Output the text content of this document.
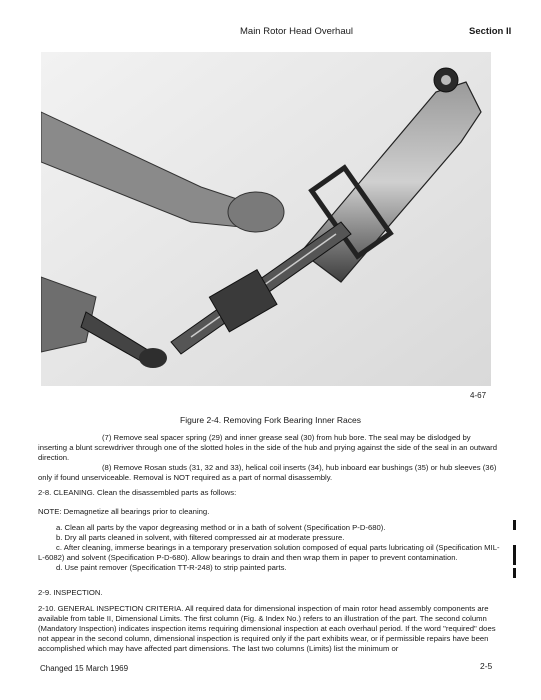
Main Rotor Head Overhaul	Section II
4-67
Figure 2-4. Removing Fork Bearing Inner Races

(7) Remove seal spacer spring (29) and inner grease seal (30) from hub bore. The seal may be dislodged by inserting a blunt screwdriver through one of the slotted holes in the side of the hub and prying against the side of the seal in an outward direction.

(8) Remove Rosan studs (31, 32 and 33), helical coil inserts (34), hub inboard ear bushings (35) or hub sleeves (36) only if found unserviceable. Removal is NOT required as a part of normal disassembly.

2-8. CLEANING. Clean the disassembled parts as follows:

NOTE: Demagnetize all bearings prior to cleaning.

a. Clean all parts by the vapor degreasing method or in a bath of solvent (Specification P-D-680).

b. Dry all parts cleaned in solvent, with filtered compressed air at moderate pressure.

c. After cleaning, immerse bearings in a temporary preservation solution composed of equal parts lubricating oil (Specification MIL-L-6082) and solvent (Specification P-D-680). Allow bearings to drain and then wrap them in paper to prevent contamination.

d. Use paint remover (Specification TT-R-248) to strip painted parts.

2-9. INSPECTION.

2-10. GENERAL INSPECTION CRITERIA. All required data for dimensional inspection of main rotor head assembly components are available from table II, Dimensional Limits. The first column (Fig. & Index No.) refers to an illustration of the part. The second column (Mandatory Inspection) indicates inspection items requiring dimensional inspection at each overhaul period. If the word "required" does not appear in the second column, dimensional inspection is required only if the part exhibits wear, or if permissible repairs have been accomplished which may have affected part dimensions. The last two columns (Limits) list the minimum or

Changed 15 March 1969	2-5
